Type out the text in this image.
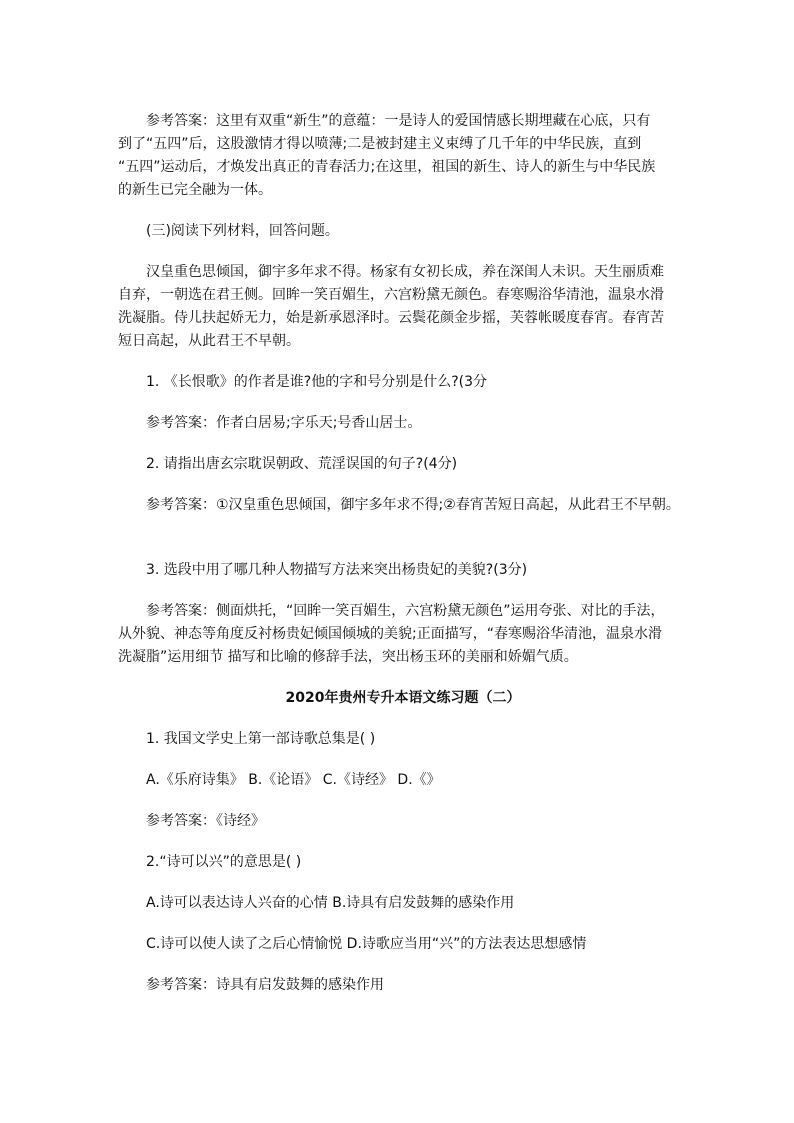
参考答案：这里有双重“新生”的意蕴：一是诗人的爱国情感长期埋藏在心底，只有

到了“五四”后，这股激情才得以喷薄;二是被封建主义束缚了几千年的中华民族，直到

“五四”运动后，才焕发出真正的青春活力;在这里，祖国的新生、诗人的新生与中华民族

的新生已完全融为一体。

(三)阅读下列材料，回答问题。

汉皇重色思倾国，御宇多年求不得。杨家有女初长成，养在深闺人未识。天生丽质难

自弃，一朝选在君王侧。回眸一笑百媚生，六宫粉黛无颜色。春寒赐浴华清池，温泉水滑

洗凝脂。侍儿扶起娇无力，始是新承恩泽时。云鬓花颜金步摇，芙蓉帐暖度春宵。春宵苦

短日高起，从此君王不早朝。

1. 《长恨歌》的作者是谁?他的字和号分别是什么?(3分

参考答案：作者白居易;字乐天;号香山居士。

2. 请指出唐玄宗耽误朝政、荒淫误国的句子?(4分)

参考答案：①汉皇重色思倾国，御宇多年求不得;②春宵苦短日高起，从此君王不早朝。

3. 选段中用了哪几种人物描写方法来突出杨贵妃的美貌?(3分)

参考答案：侧面烘托，“回眸一笑百媚生，六宫粉黛无颜色”运用夸张、对比的手法，

从外貌、神态等角度反衬杨贵妃倾国倾城的美貌;正面描写，“春寒赐浴华清池，温泉水滑

洗凝脂”运用细节 描写和比喻的修辞手法，突出杨玉环的美丽和娇媚气质。

2020年贵州专升本语文练习题（二）

1. 我国文学史上第一部诗歌总集是( )

A.《乐府诗集》 B.《论语》 C.《诗经》 D.《》

参考答案：《诗经》

2.“诗可以兴”的意思是( )

A.诗可以表达诗人兴奋的心情 B.诗具有启发鼓舞的感染作用

C.诗可以使人读了之后心情愉悦 D.诗歌应当用“兴”的方法表达思想感情

参考答案：诗具有启发鼓舞的感染作用
